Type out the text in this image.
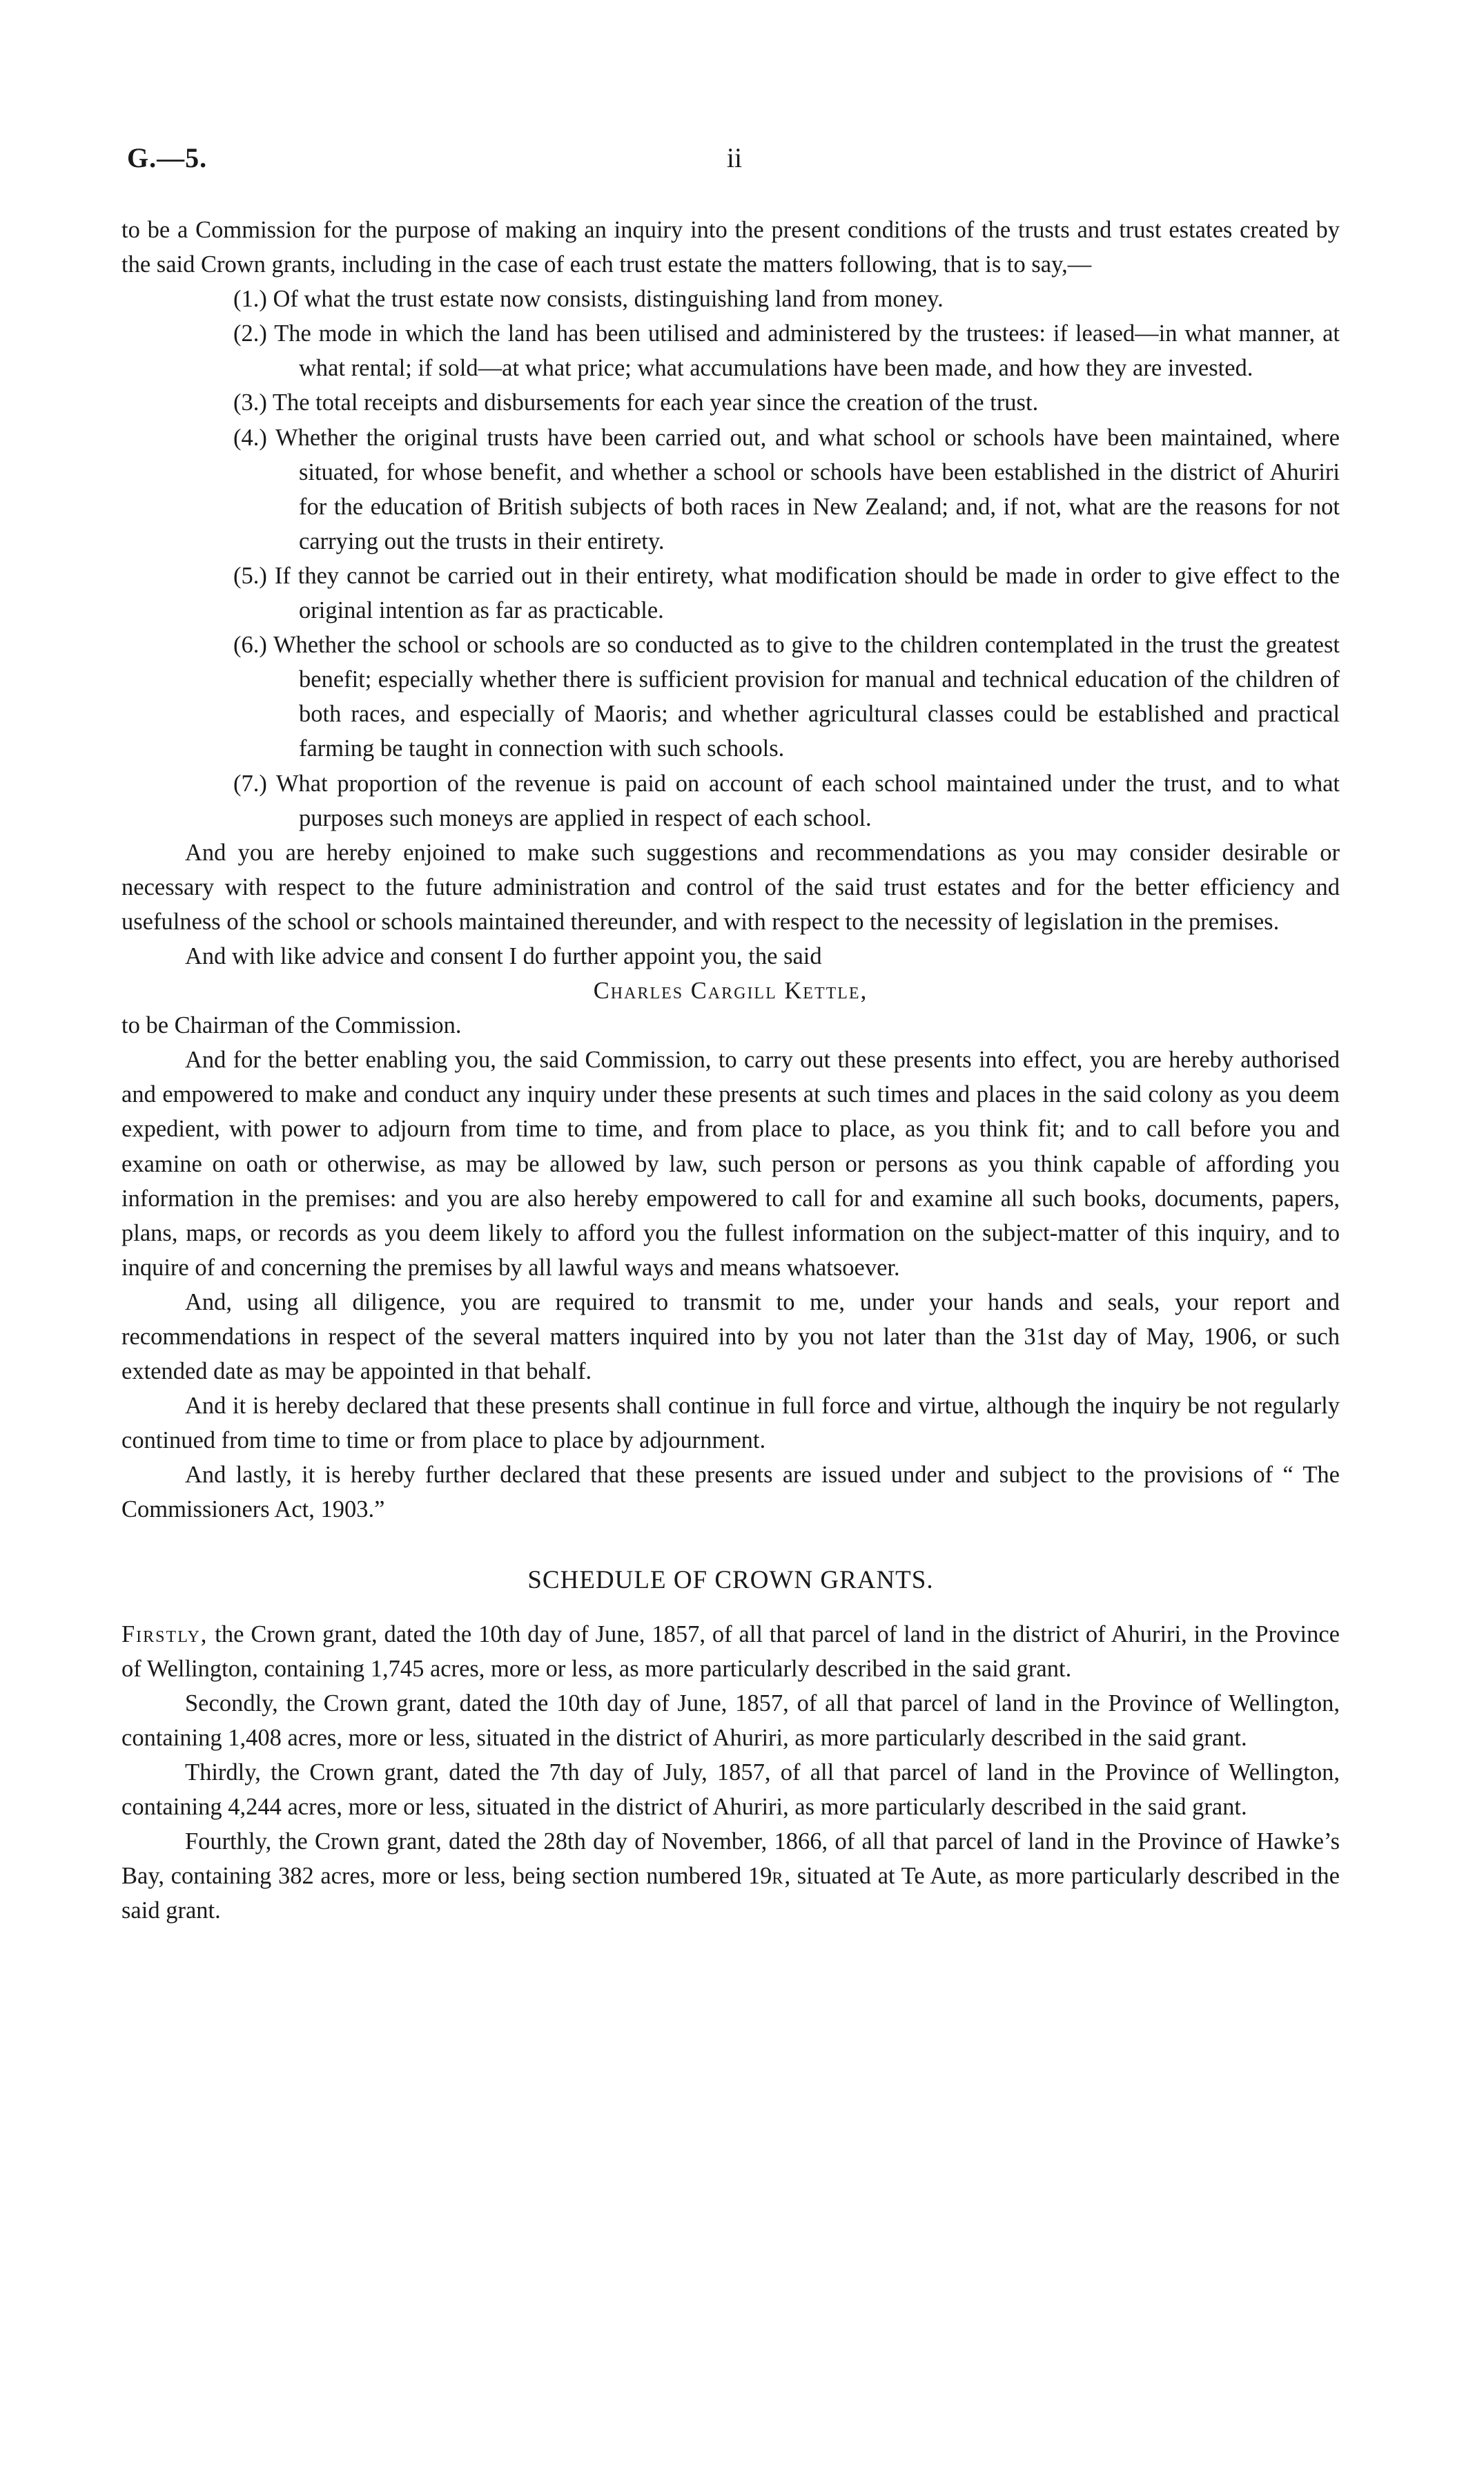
G.—5.	ii

to be a Commission for the purpose of making an inquiry into the present conditions of the trusts and trust estates created by the said Crown grants, including in the case of each trust estate the matters following, that is to say,—

(1.) Of what the trust estate now consists, distinguishing land from money.

(2.) The mode in which the land has been utilised and administered by the trustees: if leased—in what manner, at what rental; if sold—at what price; what accumulations have been made, and how they are invested.

(3.) The total receipts and disbursements for each year since the creation of the trust.

(4.) Whether the original trusts have been carried out, and what school or schools have been maintained, where situated, for whose benefit, and whether a school or schools have been established in the district of Ahuriri for the education of British subjects of both races in New Zealand; and, if not, what are the reasons for not carrying out the trusts in their entirety.

(5.) If they cannot be carried out in their entirety, what modification should be made in order to give effect to the original intention as far as practicable.

(6.) Whether the school or schools are so conducted as to give to the children contemplated in the trust the greatest benefit; especially whether there is sufficient provision for manual and technical education of the children of both races, and especially of Maoris; and whether agricultural classes could be established and practical farming be taught in connection with such schools.

(7.) What proportion of the revenue is paid on account of each school maintained under the trust, and to what purposes such moneys are applied in respect of each school.

And you are hereby enjoined to make such suggestions and recommendations as you may consider desirable or necessary with respect to the future administration and control of the said trust estates and for the better efficiency and usefulness of the school or schools maintained thereunder, and with respect to the necessity of legislation in the premises.

And with like advice and consent I do further appoint you, the said

Charles Cargill Kettle,

to be Chairman of the Commission.

And for the better enabling you, the said Commission, to carry out these presents into effect, you are hereby authorised and empowered to make and conduct any inquiry under these presents at such times and places in the said colony as you deem expedient, with power to adjourn from time to time, and from place to place, as you think fit; and to call before you and examine on oath or otherwise, as may be allowed by law, such person or persons as you think capable of affording you information in the premises: and you are also hereby empowered to call for and examine all such books, documents, papers, plans, maps, or records as you deem likely to afford you the fullest information on the subject-matter of this inquiry, and to inquire of and concerning the premises by all lawful ways and means whatsoever.

And, using all diligence, you are required to transmit to me, under your hands and seals, your report and recommendations in respect of the several matters inquired into by you not later than the 31st day of May, 1906, or such extended date as may be appointed in that behalf.

And it is hereby declared that these presents shall continue in full force and virtue, although the inquiry be not regularly continued from time to time or from place to place by adjournment.

And lastly, it is hereby further declared that these presents are issued under and subject to the provisions of “ The Commissioners Act, 1903.”

SCHEDULE OF CROWN GRANTS.

Firstly, the Crown grant, dated the 10th day of June, 1857, of all that parcel of land in the district of Ahuriri, in the Province of Wellington, containing 1,745 acres, more or less, as more particularly described in the said grant.

Secondly, the Crown grant, dated the 10th day of June, 1857, of all that parcel of land in the Province of Wellington, containing 1,408 acres, more or less, situated in the district of Ahuriri, as more particularly described in the said grant.

Thirdly, the Crown grant, dated the 7th day of July, 1857, of all that parcel of land in the Province of Wellington, containing 4,244 acres, more or less, situated in the district of Ahuriri, as more particularly described in the said grant.

Fourthly, the Crown grant, dated the 28th day of November, 1866, of all that parcel of land in the Province of Hawke’s Bay, containing 382 acres, more or less, being section numbered 19r, situated at Te Aute, as more particularly described in the said grant.
